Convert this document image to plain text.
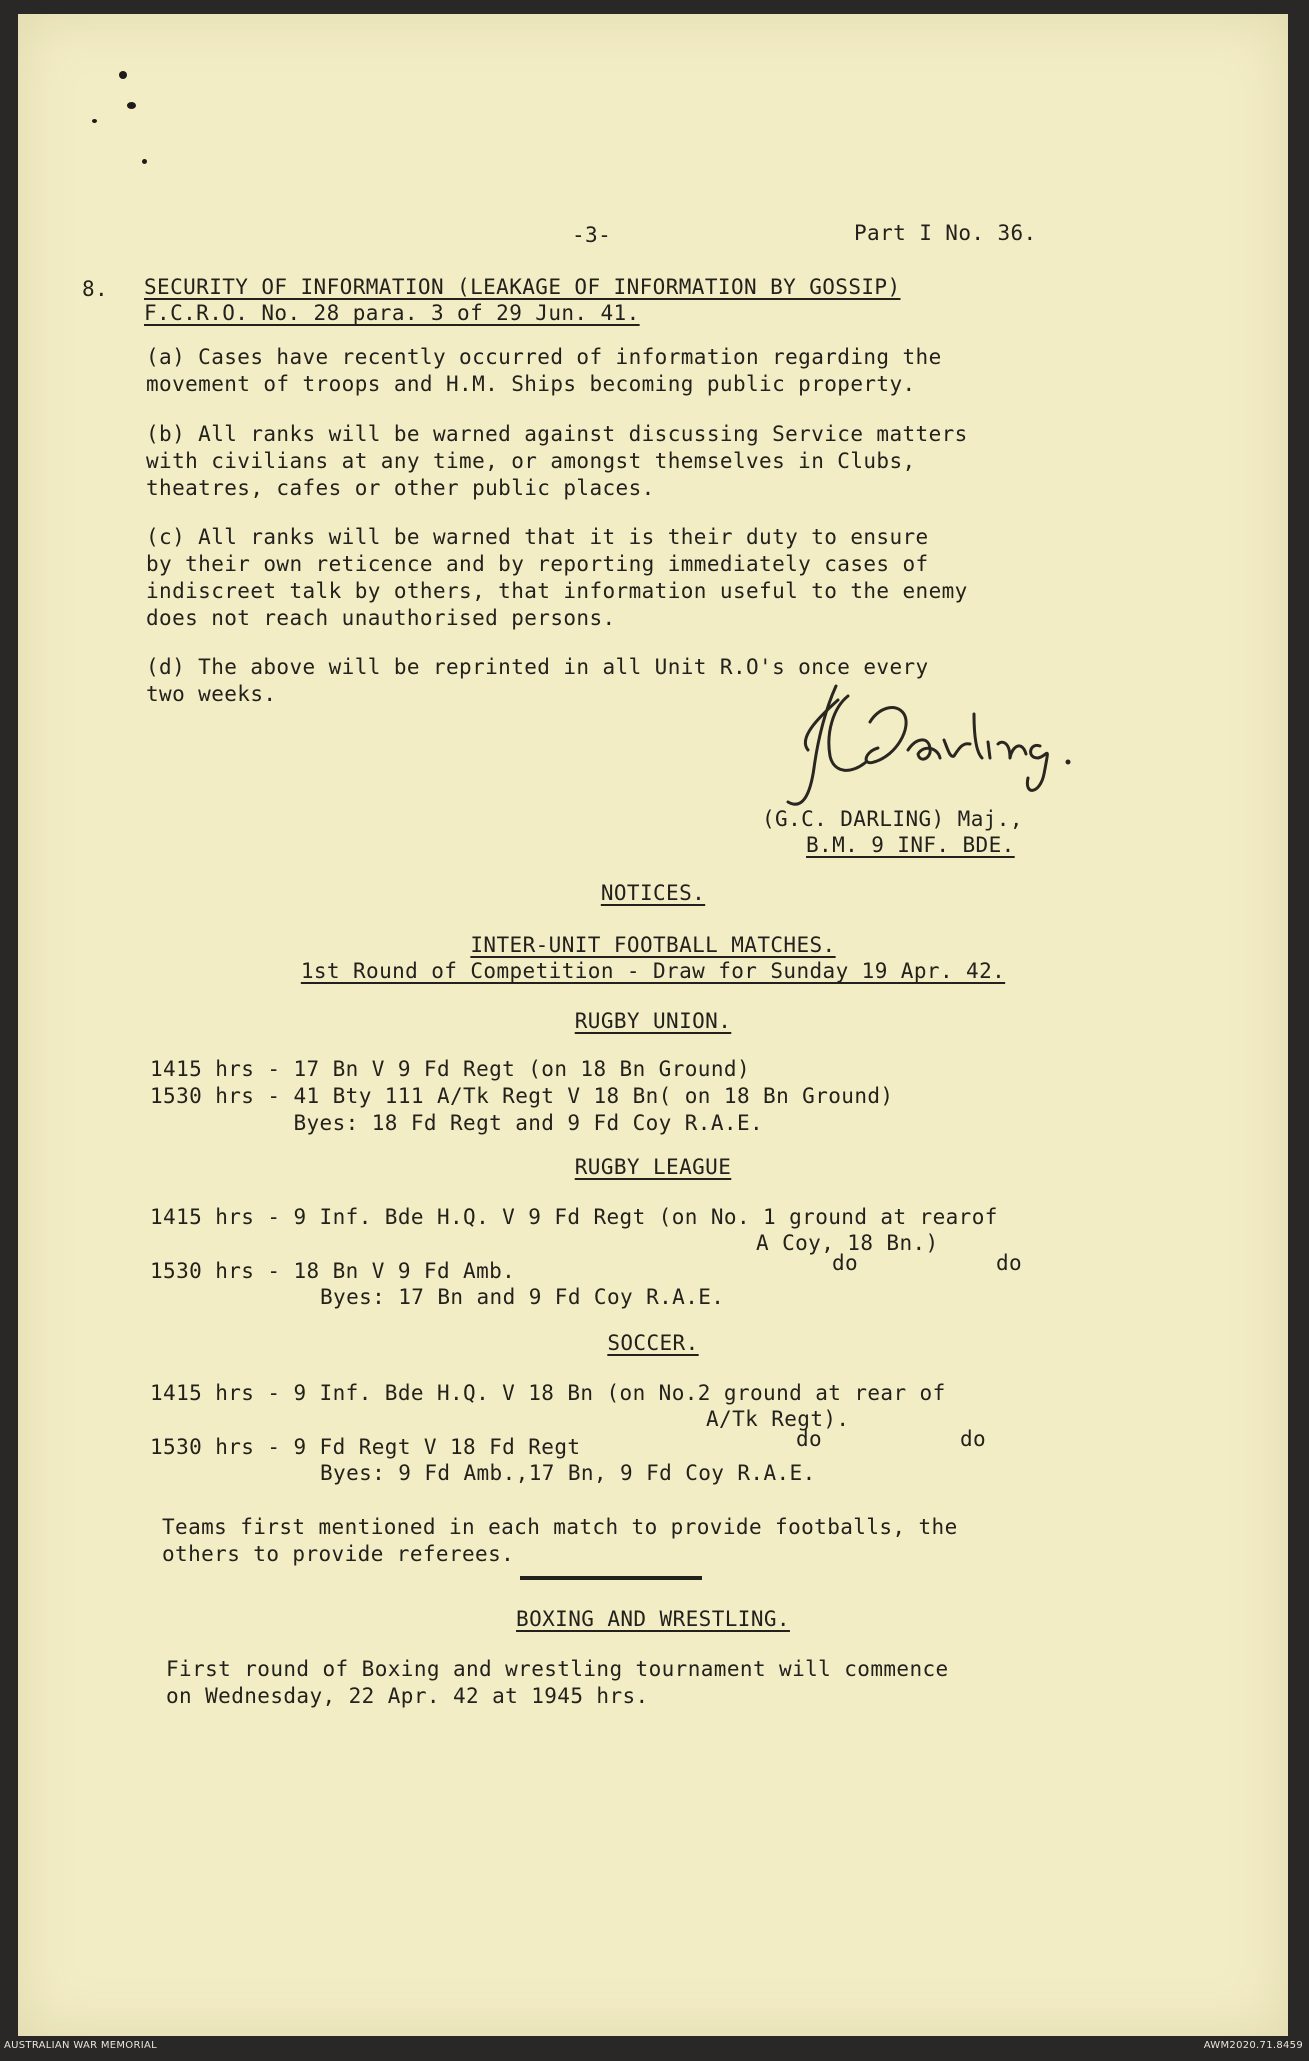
-3-	Part I No. 36.
8. SECURITY OF INFORMATION (LEAKAGE OF INFORMATION BY GOSSIP)
F.C.R.O. No. 28 para. 3 of 29 Jun. 41.
(a) Cases have recently occurred of information regarding the
movement of troops and H.M. Ships becoming public property.
(b) All ranks will be warned against discussing Service matters
with civilians at any time, or amongst themselves in Clubs,
theatres, cafes or other public places.
(c) All ranks will be warned that it is their duty to ensure
by their own reticence and by reporting immediately cases of
indiscreet talk by others, that information useful to the enemy
does not reach unauthorised persons.
(d) The above will be reprinted in all Unit R.O's once every
two weeks.
(G.C. DARLING) Maj.,
B.M. 9 INF. BDE.
NOTICES.
INTER-UNIT FOOTBALL MATCHES.
1st Round of Competition - Draw for Sunday 19 Apr. 42.
RUGBY UNION.
1415 hrs - 17 Bn V 9 Fd Regt (on 18 Bn Ground)
1530 hrs - 41 Bty 111 A/Tk Regt V 18 Bn( on 18 Bn Ground)
Byes: 18 Fd Regt and 9 Fd Coy R.A.E.
RUGBY LEAGUE
1415 hrs - 9 Inf. Bde H.Q. V 9 Fd Regt (on No. 1 ground at rearof
A Coy, 18 Bn.)
1530 hrs - 18 Bn V 9 Fd Amb.	do	do
Byes: 17 Bn and 9 Fd Coy R.A.E.
SOCCER.
1415 hrs - 9 Inf. Bde H.Q. V 18 Bn (on No.2 ground at rear of
A/Tk Regt).
1530 hrs - 9 Fd Regt V 18 Fd Regt	do	do
Byes: 9 Fd Amb.,17 Bn, 9 Fd Coy R.A.E.
Teams first mentioned in each match to provide footballs, the
others to provide referees.
BOXING AND WRESTLING.
First round of Boxing and wrestling tournament will commence
on Wednesday, 22 Apr. 42 at 1945 hrs.
AUSTRALIAN WAR MEMORIAL	AWM2020.71.8459
